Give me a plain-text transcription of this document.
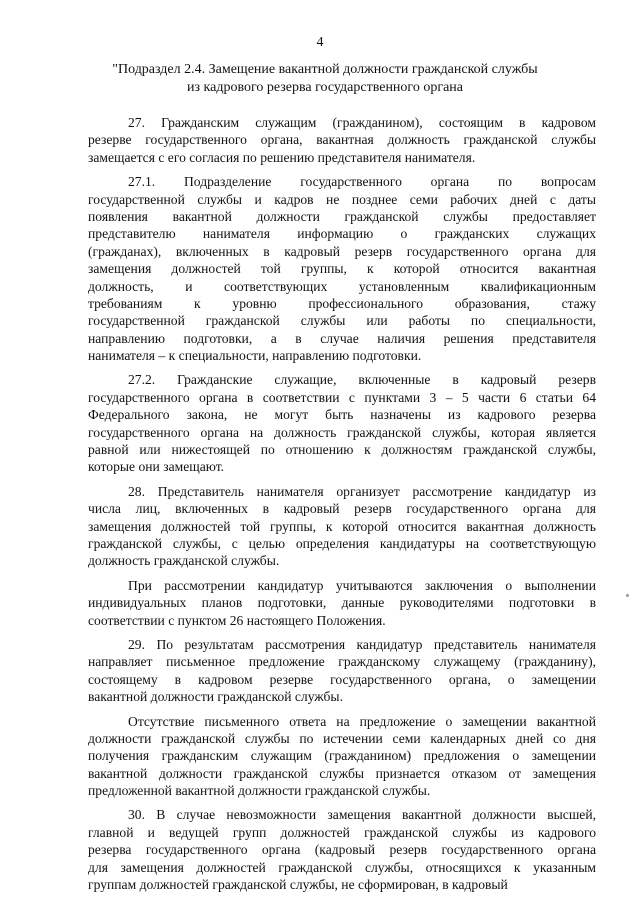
4
"Подраздел 2.4. Замещение вакантной должности гражданской службы
из кадрового резерва государственного органа
27. Гражданским служащим (гражданином), состоящим в кадровом
резерве государственного органа, вакантная должность гражданской службы
замещается с его согласия по решению представителя нанимателя.
27.1. Подразделение государственного органа по вопросам
государственной службы и кадров не позднее семи рабочих дней с даты
появления вакантной должности гражданской службы предоставляет
представителю нанимателя информацию о гражданских служащих
(гражданах), включенных в кадровый резерв государственного органа для
замещения должностей той группы, к которой относится вакантная
должность, и соответствующих установленным квалификационным
требованиям к уровню профессионального образования, стажу
государственной гражданской службы или работы по специальности,
направлению подготовки, а в случае наличия решения представителя
нанимателя – к специальности, направлению подготовки.
27.2. Гражданские служащие, включенные в кадровый резерв
государственного органа в соответствии с пунктами 3 – 5 части 6 статьи 64
Федерального закона, не могут быть назначены из кадрового резерва
государственного органа на должность гражданской службы, которая является
равной или нижестоящей по отношению к должностям гражданской службы,
которые они замещают.
28. Представитель нанимателя организует рассмотрение кандидатур из
числа лиц, включенных в кадровый резерв государственного органа для
замещения должностей той группы, к которой относится вакантная должность
гражданской службы, с целью определения кандидатуры на соответствующую
должность гражданской службы.
При рассмотрении кандидатур учитываются заключения о выполнении
индивидуальных планов подготовки, данные руководителями подготовки в
соответствии с пунктом 26 настоящего Положения.
29. По результатам рассмотрения кандидатур представитель нанимателя
направляет письменное предложение гражданскому служащему (гражданину),
состоящему в кадровом резерве государственного органа, о замещении
вакантной должности гражданской службы.
Отсутствие письменного ответа на предложение о замещении вакантной
должности гражданской службы по истечении семи календарных дней со дня
получения гражданским служащим (гражданином) предложения о замещении
вакантной должности гражданской службы признается отказом от замещения
предложенной вакантной должности гражданской службы.
30. В случае невозможности замещения вакантной должности высшей,
главной и ведущей групп должностей гражданской службы из кадрового
резерва государственного органа (кадровый резерв государственного органа
для замещения должностей гражданской службы, относящихся к указанным
группам должностей гражданской службы, не сформирован, в кадровый
